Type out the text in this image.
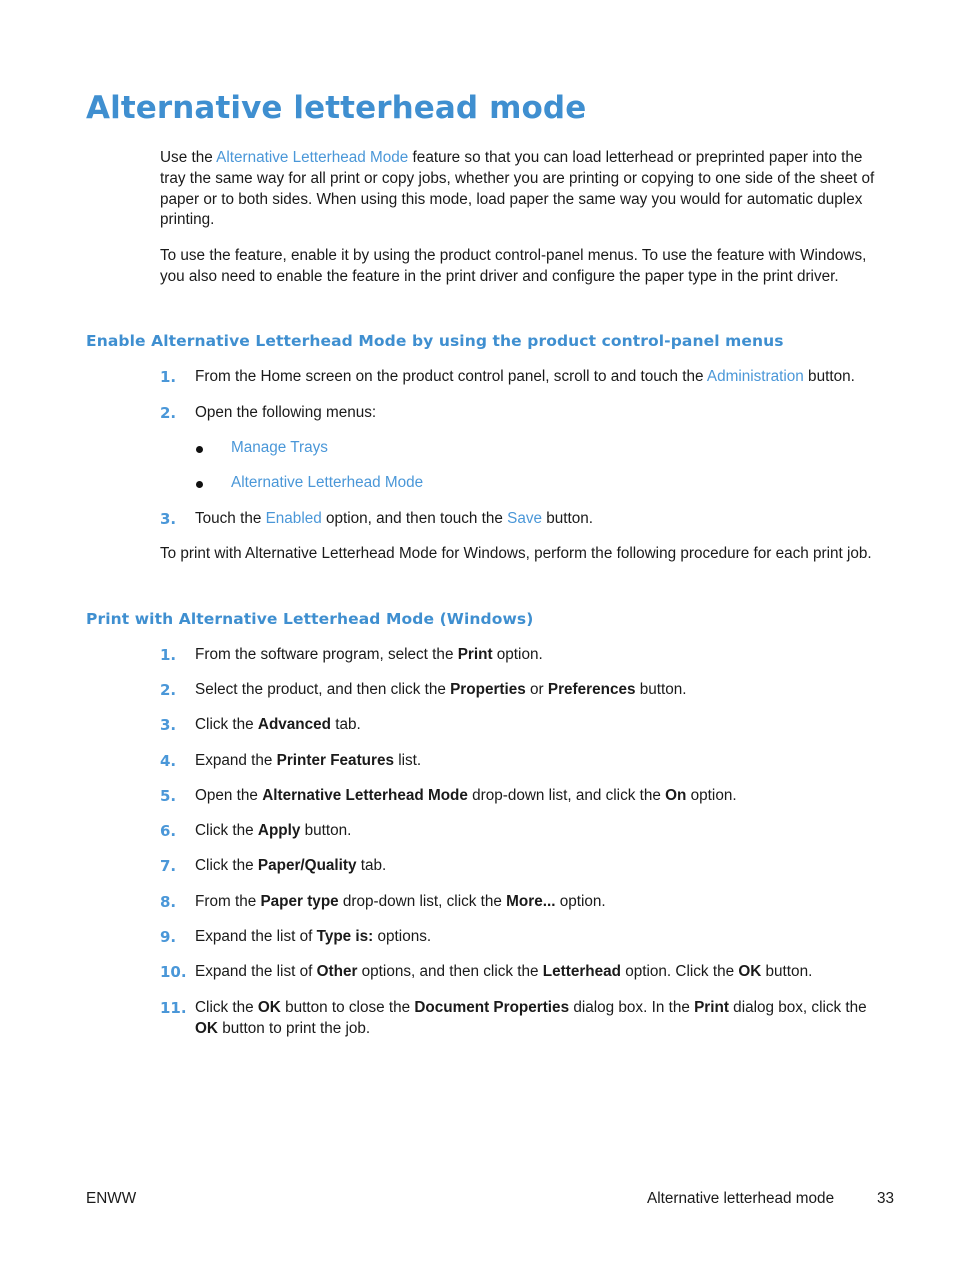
Alternative letterhead mode

Use the Alternative Letterhead Mode feature so that you can load letterhead or preprinted paper into the tray the same way for all print or copy jobs, whether you are printing or copying to one side of the sheet of paper or to both sides. When using this mode, load paper the same way you would for automatic duplex printing.

To use the feature, enable it by using the product control-panel menus. To use the feature with Windows, you also need to enable the feature in the print driver and configure the paper type in the print driver.

Enable Alternative Letterhead Mode by using the product control-panel menus
1. From the Home screen on the product control panel, scroll to and touch the Administration button.
2. Open the following menus:
Manage Trays
Alternative Letterhead Mode
3. Touch the Enabled option, and then touch the Save button.

To print with Alternative Letterhead Mode for Windows, perform the following procedure for each print job.

Print with Alternative Letterhead Mode (Windows)
1. From the software program, select the Print option.
2. Select the product, and then click the Properties or Preferences button.
3. Click the Advanced tab.
4. Expand the Printer Features list.
5. Open the Alternative Letterhead Mode drop-down list, and click the On option.
6. Click the Apply button.
7. Click the Paper/Quality tab.
8. From the Paper type drop-down list, click the More... option.
9. Expand the list of Type is: options.
10. Expand the list of Other options, and then click the Letterhead option. Click the OK button.
11. Click the OK button to close the Document Properties dialog box. In the Print dialog box, click the OK button to print the job.
ENWW	Alternative letterhead mode	33
